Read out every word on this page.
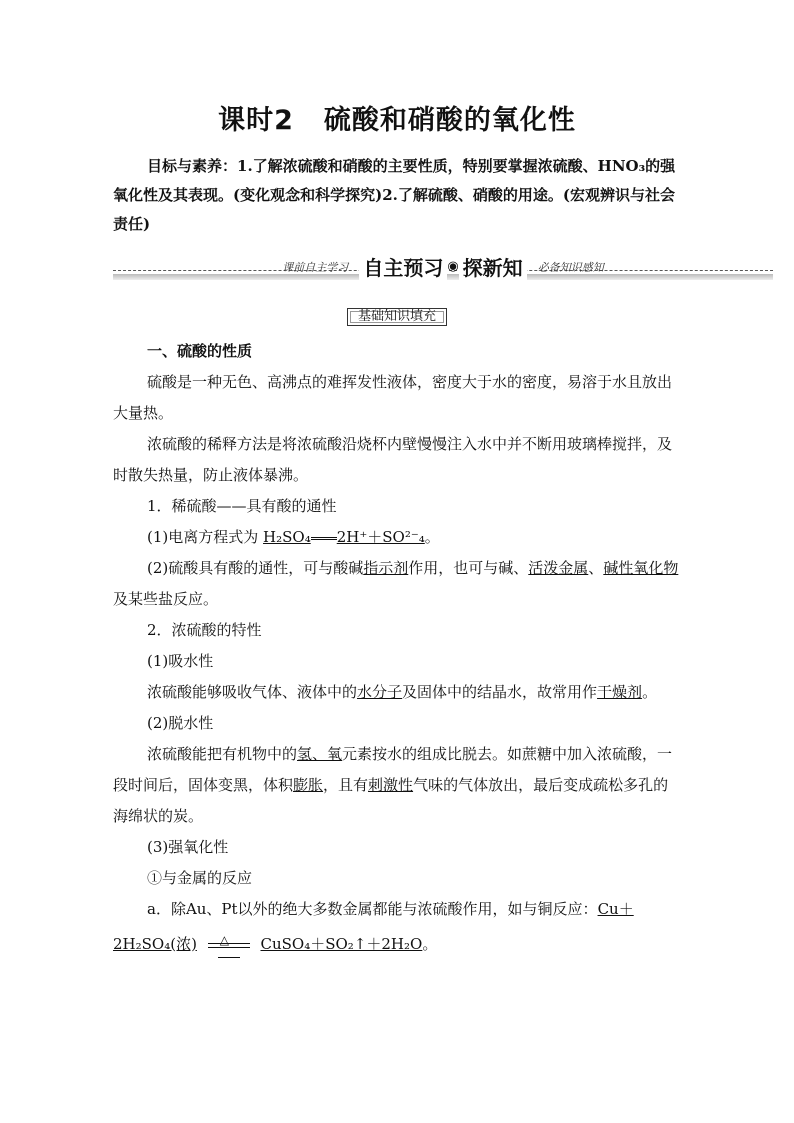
课时2 硫酸和硝酸的氧化性
目标与素养：1.了解浓硫酸和硝酸的主要性质，特别要掌握浓硫酸、HNO₃的强氧化性及其表现。(变化观念和科学探究)2.了解硫酸、硝酸的用途。(宏观辨识与社会责任)
课前自主学习 自主预习 ◉ 探新知 必备知识感知
基础知识填充

一、硫酸的性质

硫酸是一种无色、高沸点的难挥发性液体，密度大于水的密度，易溶于水且放出大量热。

浓硫酸的稀释方法是将浓硫酸沿烧杯内壁慢慢注入水中并不断用玻璃棒搅拌，及时散失热量，防止液体暴沸。

1．稀硫酸——具有酸的通性

(1)电离方程式为 H₂SO₄ 2H⁺＋SO²⁻₄。

(2)硫酸具有酸的通性，可与酸碱指示剂作用，也可与碱、活泼金属、碱性氧化物及某些盐反应。

2．浓硫酸的特性

(1)吸水性

浓硫酸能够吸收气体、液体中的水分子及固体中的结晶水，故常用作干燥剂。

(2)脱水性

浓硫酸能把有机物中的氢、氧元素按水的组成比脱去。如蔗糖中加入浓硫酸，一段时间后，固体变黑，体积膨胀，且有刺激性气味的气体放出，最后变成疏松多孔的海绵状的炭。

(3)强氧化性

①与金属的反应

a．除Au、Pt以外的绝大多数金属都能与浓硫酸作用，如与铜反应：Cu＋

2H₂SO₄(浓) △ CuSO₄＋SO₂↑＋2H₂O。
